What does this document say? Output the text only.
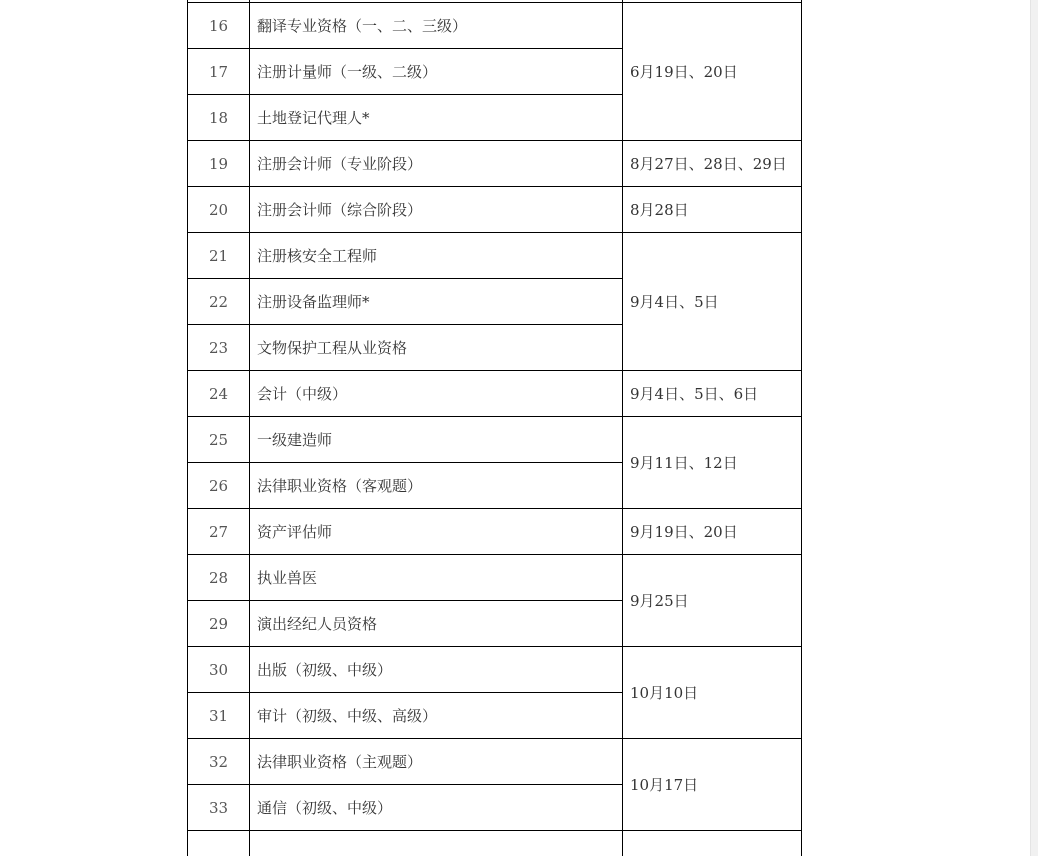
16	翻译专业资格（一、二、三级）	6月19日、20日
17	注册计量师（一级、二级）	
18	土地登记代理人*	
19	注册会计师（专业阶段）	8月27日、28日、29日
20	注册会计师（综合阶段）	8月28日
21	注册核安全工程师	9月4日、5日
22	注册设备监理师*	
23	文物保护工程从业资格	
24	会计（中级）	9月4日、5日、6日
25	一级建造师	9月11日、12日
26	法律职业资格（客观题）	
27	资产评估师	9月19日、20日
28	执业兽医	9月25日
29	演出经纪人员资格	
30	出版（初级、中级）	10月10日
31	审计（初级、中级、高级）	
32	法律职业资格（主观题）	10月17日
33	通信（初级、中级）	
